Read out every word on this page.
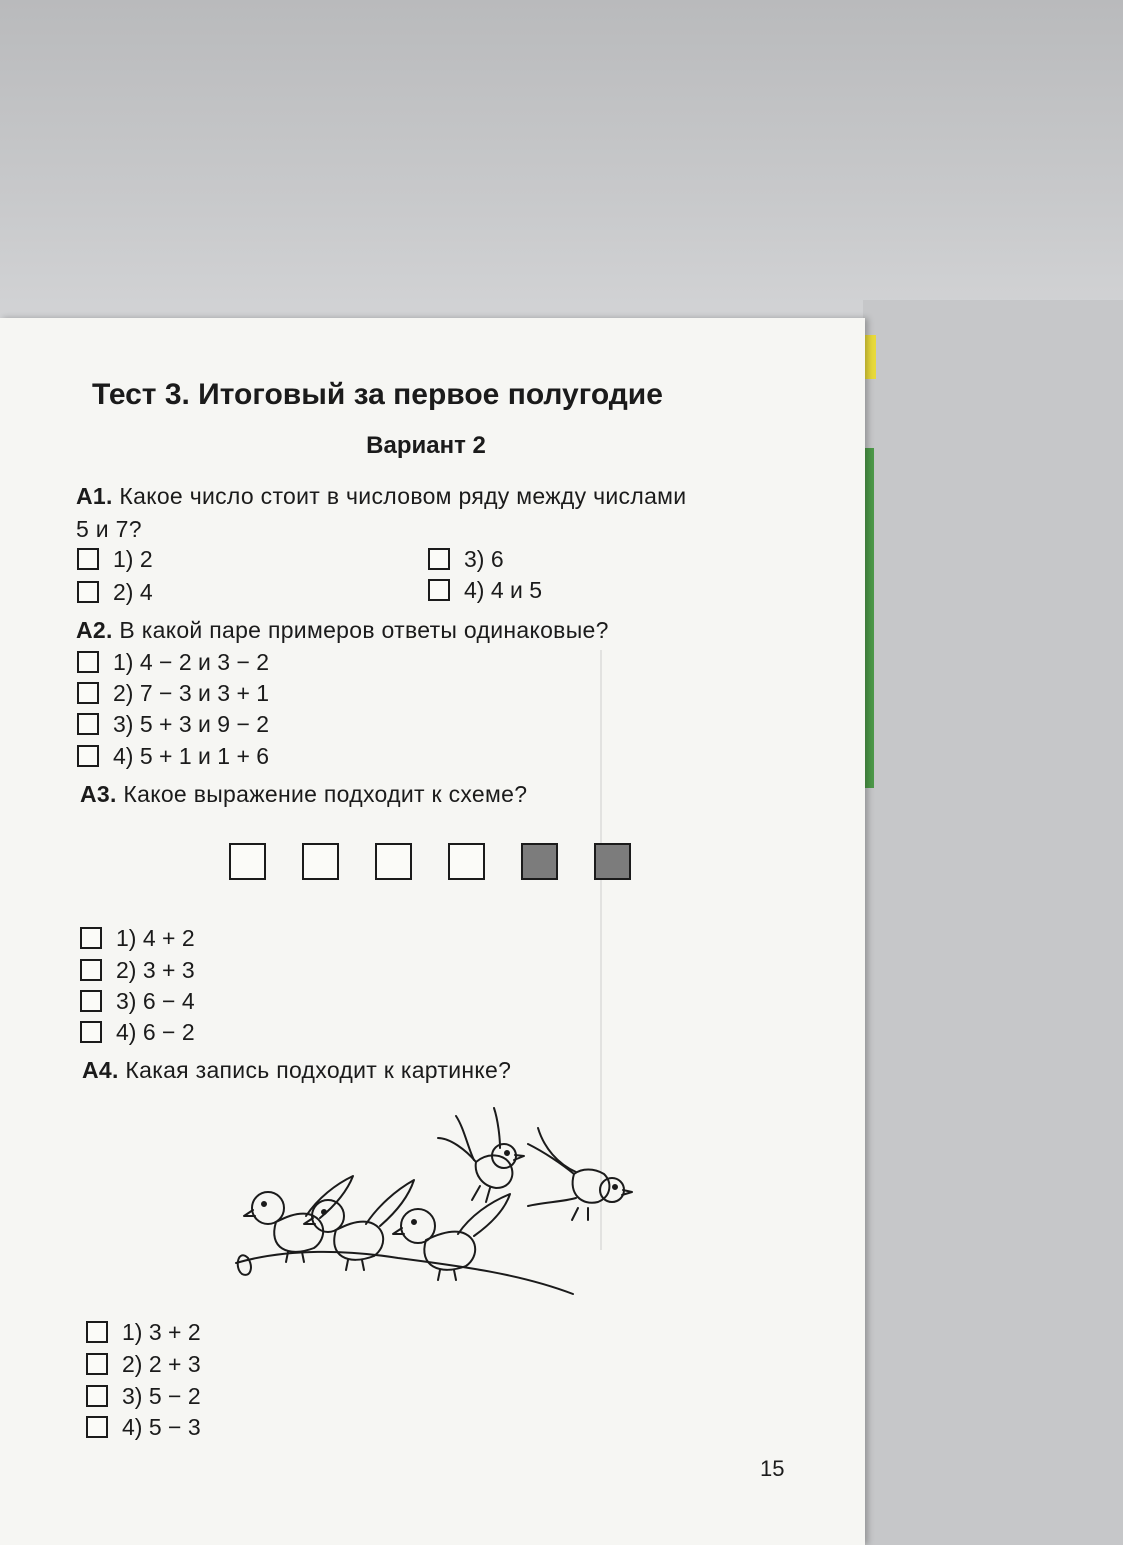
Тест 3. Итоговый за первое полугодие
Вариант 2
А1. Какое число стоит в числовом ряду между числами
5 и 7?
1) 2
2) 4
3) 6
4) 4 и 5
А2. В какой паре примеров ответы одинаковые?
1) 4 − 2 и 3 − 2
2) 7 − 3 и 3 + 1
3) 5 + 3 и 9 − 2
4) 5 + 1 и 1 + 6
А3. Какое выражение подходит к схеме?
1) 4 + 2
2) 3 + 3
3) 6 − 4
4) 6 − 2
А4. Какая запись подходит к картинке?
1) 3 + 2
2) 2 + 3
3) 5 − 2
4) 5 − 3
15
